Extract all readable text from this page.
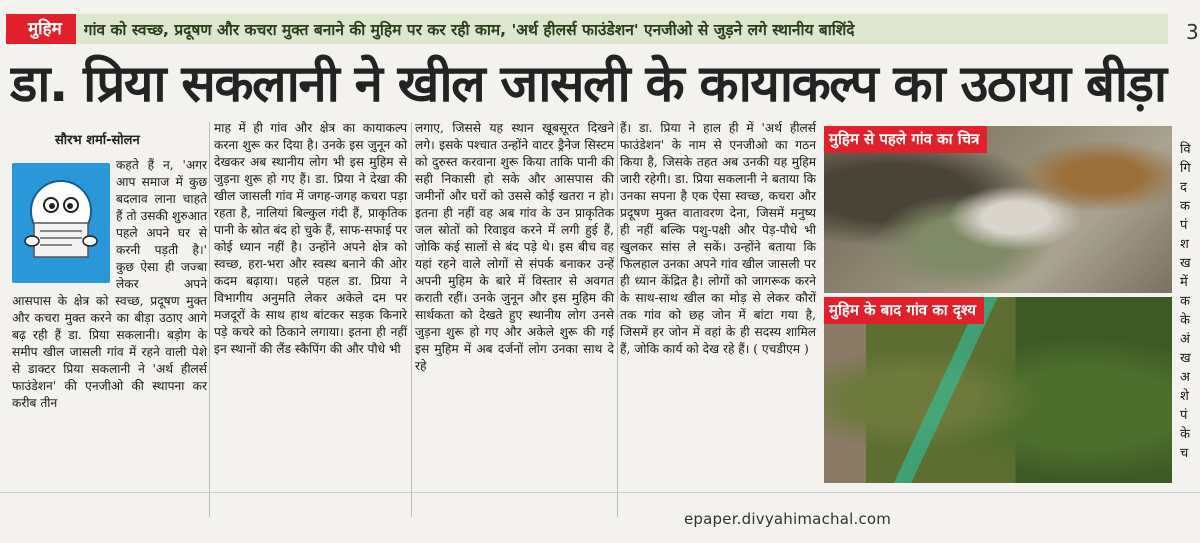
मुहिम	गांव को स्वच्छ, प्रदूषण और कचरा मुक्त बनाने की मुहिम पर कर रही काम, 'अर्थ हीलर्स फाउंडेशन' एनजीओ से जुड़ने लगे स्थानीय बाशिंदे	3
डा. प्रिया सकलानी ने खील जासली के कायाकल्प का उठाया बीड़ा
सौरभ शर्मा-सोलन

कहते हैं न, 'अगर आप समाज में कुछ बदलाव लाना चाहते हैं तो उसकी शुरुआत पहले अपने घर से करनी पड़ती है।' कुछ ऐसा ही जज्बा लेकर अपने आसपास के क्षेत्र को स्वच्छ, प्रदूषण मुक्त और कचरा मुक्त करने का बीड़ा उठाए आगे बढ़ रही हैं डा. प्रिया सकलानी। बड़ोग के समीप खील जासली गांव में रहने वाली पेशे से डाक्टर प्रिया सकलानी ने 'अर्थ हीलर्स फाउंडेशन' की एनजीओ की स्थापना कर करीब तीन

माह में ही गांव और क्षेत्र का कायाकल्प करना शुरू कर दिया है। उनके इस जुनून को देखकर अब स्थानीय लोग भी इस मुहिम से जुड़ना शुरू हो गए हैं। डा. प्रिया ने देखा की खील जासली गांव में जगह-जगह कचरा पड़ा रहता है, नालियां बिल्कुल गंदी हैं, प्राकृतिक पानी के स्रोत बंद हो चुके हैं, साफ-सफाई पर कोई ध्यान नहीं है। उन्होंने अपने क्षेत्र को स्वच्छ, हरा-भरा और स्वस्थ बनाने की ओर कदम बढ़ाया। पहले पहल डा. प्रिया ने विभागीय अनुमति लेकर अकेले दम पर मजदूरों के साथ हाथ बांटकर सड़क किनारे पड़े कचरे को ठिकाने लगाया। इतना ही नहीं इन स्थानों की लैंड स्कैपिंग की और पौधे भी

लगाए, जिससे यह स्थान खूबसूरत दिखने लगे। इसके पश्चात उन्होंने वाटर ड्रैनेज सिस्टम को दुरुस्त करवाना शुरू किया ताकि पानी की सही निकासी हो सके और आसपास की जमीनों और घरों को उससे कोई खतरा न हो। इतना ही नहीं वह अब गांव के उन प्राकृतिक जल स्रोतों को रिवाइव करने में लगी हुई हैं, जोकि कई सालों से बंद पड़े थे। इस बीच वह यहां रहने वाले लोगों से संपर्क बनाकर उन्हें अपनी मुहिम के बारे में विस्तार से अवगत कराती रहीं। उनके जुनून और इस मुहिम की सार्थकता को देखते हुए स्थानीय लोग उनसे जुड़ना शुरू हो गए और अकेले शुरू की गई इस मुहिम में अब दर्जनों लोग उनका साथ दे रहे

हैं। डा. प्रिया ने हाल ही में 'अर्थ हीलर्स फाउंडेशन' के नाम से एनजीओ का गठन किया है, जिसके तहत अब उनकी यह मुहिम जारी रहेगी। डा. प्रिया सकलानी ने बताया कि उनका सपना है एक ऐसा स्वच्छ, कचरा और प्रदूषण मुक्त वातावरण देना, जिसमें मनुष्य ही नहीं बल्कि पशु-पक्षी और पेड़-पौधे भी खुलकर सांस ले सकें। उन्होंने बताया कि फिलहाल उनका अपने गांव खील जासली पर ही ध्यान केंद्रित है। लोगों को जागरूक करने के साथ-साथ खील का मोड़ से लेकर कौरों तक गांव को छह जोन में बांटा गया है, जिसमें हर जोन में वहां के ही सदस्य शामिल हैं, जोकि कार्य को देख रहे हैं। ( एचडीएम )

मुहिम से पहले गांव का चित्र
मुहिम के बाद गांव का दृश्य
वि
गि
द
क
पं
श
ख
में
क
के
अं
ख
अ
शे
पं
के
च
epaper.divyahimachal.com
